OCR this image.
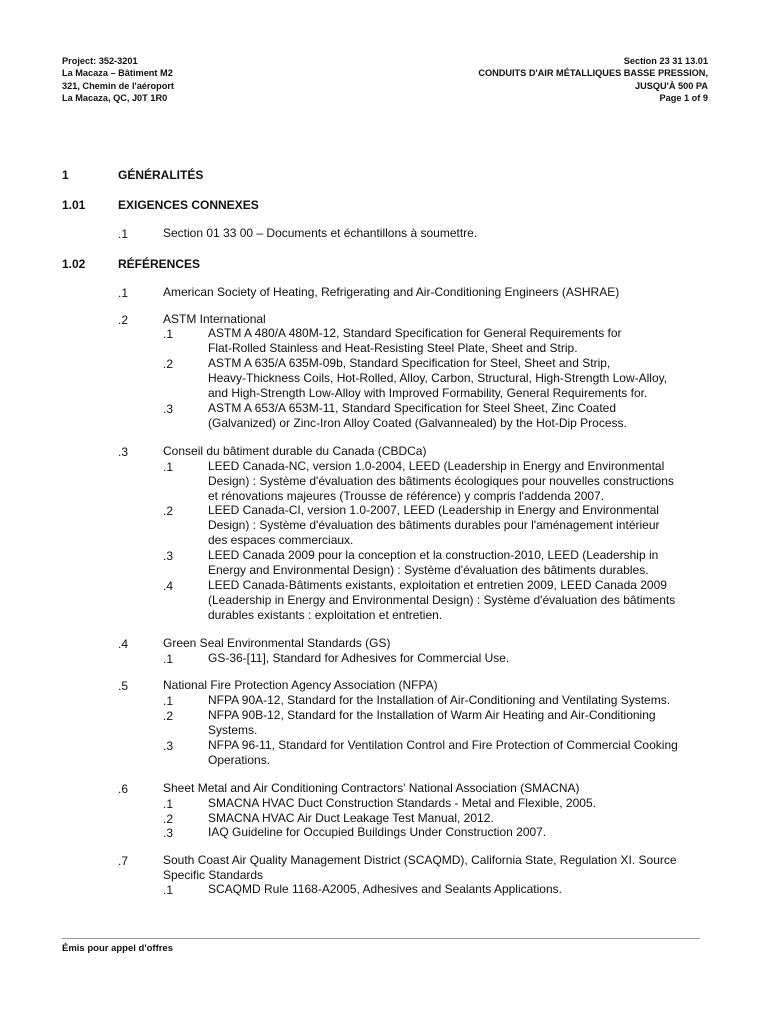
Project: 352-3201
La Macaza – Bâtiment M2
321, Chemin de l'aéroport
La Macaza, QC, J0T 1R0
Section 23 31 13.01
CONDUITS D'AIR MÉTALLIQUES BASSE PRESSION,
JUSQU'À 500 PA
Page 1 of 9
1	GÉNÉRALITÉS
1.01	EXIGENCES CONNEXES
.1	Section 01 33 00 – Documents et échantillons à soumettre.
1.02	RÉFÉRENCES
.1	American Society of Heating, Refrigerating and Air-Conditioning Engineers (ASHRAE)
.2	ASTM International
.1	ASTM A 480/A 480M-12, Standard Specification for General Requirements for
Flat-Rolled Stainless and Heat-Resisting Steel Plate, Sheet and Strip.
.2	ASTM A 635/A 635M-09b, Standard Specification for Steel, Sheet and Strip,
Heavy-Thickness Coils, Hot-Rolled, Alloy, Carbon, Structural, High-Strength Low-Alloy,
and High-Strength Low-Alloy with Improved Formability, General Requirements for.
.3	ASTM A 653/A 653M-11, Standard Specification for Steel Sheet, Zinc Coated
(Galvanized) or Zinc-Iron Alloy Coated (Galvannealed) by the Hot-Dip Process.
.3	Conseil du bâtiment durable du Canada (CBDCa)
.1	LEED Canada-NC, version 1.0-2004, LEED (Leadership in Energy and Environmental
Design) : Système d'évaluation des bâtiments écologiques pour nouvelles constructions
et rénovations majeures (Trousse de référence) y compris l'addenda 2007.
.2	LEED Canada-CI, version 1.0-2007, LEED (Leadership in Energy and Environmental
Design) : Système d'évaluation des bâtiments durables pour l'aménagement intérieur
des espaces commerciaux.
.3	LEED Canada 2009 pour la conception et la construction-2010, LEED (Leadership in
Energy and Environmental Design) : Système d'évaluation des bâtiments durables.
.4	LEED Canada-Bâtiments existants, exploitation et entretien 2009, LEED Canada 2009
(Leadership in Energy and Environmental Design) : Système d'évaluation des bâtiments
durables existants : exploitation et entretien.
.4	Green Seal Environmental Standards (GS)
.1	GS-36-[11], Standard for Adhesives for Commercial Use.
.5	National Fire Protection Agency Association (NFPA)
.1	NFPA 90A-12, Standard for the Installation of Air-Conditioning and Ventilating Systems.
.2	NFPA 90B-12, Standard for the Installation of Warm Air Heating and Air-Conditioning
Systems.
.3	NFPA 96-11, Standard for Ventilation Control and Fire Protection of Commercial Cooking
Operations.
.6	Sheet Metal and Air Conditioning Contractors' National Association (SMACNA)
.1	SMACNA HVAC Duct Construction Standards - Metal and Flexible, 2005.
.2	SMACNA HVAC Air Duct Leakage Test Manual, 2012.
.3	IAQ Guideline for Occupied Buildings Under Construction 2007.
.7	South Coast Air Quality Management District (SCAQMD), California State, Regulation XI. Source
Specific Standards
.1	SCAQMD Rule 1168-A2005, Adhesives and Sealants Applications.
Émis pour appel d'offres
